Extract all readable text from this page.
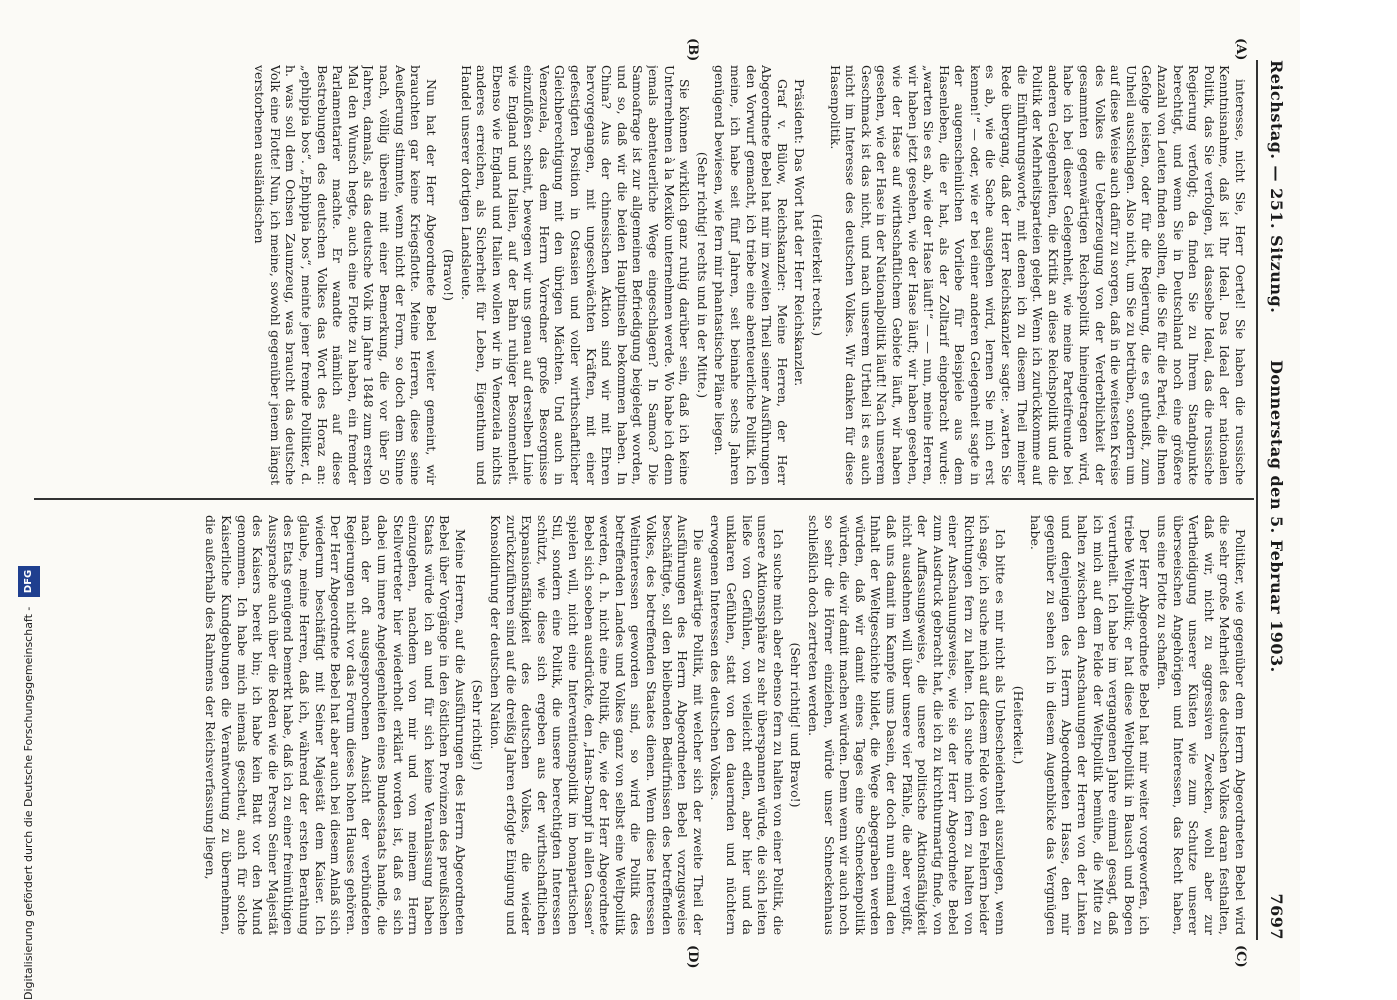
Reichstag. — 251. Sitzung.
Donnerstag den 5. Februar 1903.
7697
(A)
(B)
(C)
(D)

interesse, nicht Sie, Herr Oertel! Sie haben die russische Kenntnisnahme, daß ist Ihr Ideal. Das Ideal der nationalen Politik, das Sie verfolgen, ist dasselbe Ideal, das die russische Regierung verfolgt; da finden Sie zu Ihrem Standpunkte berechtigt, und wenn Sie in Deutschland noch eine größere Anzahl von Leuten finden sollten, die Sie für die Partei, die Ihnen Gefolge leisten, oder für die Regierung, die es gutheißt, zum Unheil ausschlagen. Also nicht, um Sie zu betrüben, sondern um auf diese Weise auch dafür zu sorgen, daß in die weitesten Kreise des Volkes die Ueberzeugung von der Verderblichkeit der gesammten gegenwärtigen Reichspolitik hineingetragen wird, habe ich bei dieser Gelegenheit, wie meine Parteifreunde bei anderen Gelegenheiten, die Kritik an diese Reichspolitik und die Politik der Mehrheitsparteien gelegt. Wenn ich zurückkomme auf die Einführungsworte, mit denen ich zu diesem Theil meiner Rede übergang, daß der Herr Reichskanzler sagte: „warten Sie es ab, wie die Sache ausgehen wird, lernen Sie mich erst kennen!“ — oder, wie er bei einer anderen Gelegenheit sagte in der augenscheinlichen Vorliebe für Beispiele aus dem Hasenleben, die er hat, als der Zolltarif eingebracht wurde: „warten Sie es ab, wie der Hase läuft!“ — — nun, meine Herren, wir haben jetzt gesehen, wie der Hase läuft; wir haben gesehen, wie der Hase auf wirthschaftlichem Gebiete läuft, wir haben gesehen, wie der Hase in der Nationalpolitik läuft! Nach unserem Geschmack ist das nicht, und nach unserem Urtheil ist es auch nicht im Interesse des deutschen Volkes. Wir danken für diese Hasenpolitik.

(Heiterkeit rechts.)

Präsident: Das Wort hat der Herr Reichskanzler.

Graf v. Bülow, Reichskanzler: Meine Herren, der Herr Abgeordnete Bebel hat mir im zweiten Theil seiner Ausführungen den Vorwurf gemacht, ich triebe eine abenteuerliche Politik. Ich meine, ich habe seit fünf Jahren, seit beinahe sechs Jahren genügend bewiesen, wie fern mir phantastische Pläne liegen.

(Sehr richtig! rechts und in der Mitte.)

Sie können wirklich ganz ruhig darüber sein, daß ich keine Unternehmen à la Mexiko unternehmen werde. Wo habe ich denn jemals abenteuerliche Wege eingeschlagen? In Samoa? Die Samoafrage ist zur allgemeinen Befriedigung beigelegt worden, und so, daß wir die beiden Hauptinseln bekommen haben. In China? Aus der chinesischen Aktion sind wir mit Ehren hervorgegangen, mit ungeschwächten Kräften, mit einer gefestigten Position in Ostasien und voller wirthschaftlicher Gleichberechtigung mit den übrigen Mächten. Und auch in Venezuela, das dem Herrn Vorredner große Besorgnisse einzuflößen scheint, bewegen wir uns genau auf derselben Linie wie England und Italien, auf der Bahn ruhiger Besonnenheit. Ebenso wie England und Italien wollen wir in Venezuela nichts anderes erreichen, als Sicherheit für Leben, Eigenthum und Handel unserer dortigen Landsleute.

(Bravo!)

Nun hat der Herr Abgeordnete Bebel weiter gemeint, wir brauchten gar keine Kriegsflotte. Meine Herren, diese seine Aeußerung stimmte, wenn nicht der Form, so doch dem Sinne nach, völlig überein mit einer Bemerkung, die vor über 50 Jahren, damals, als das deutsche Volk im Jahre 1848 zum ersten Mal den Wunsch hegte, auch eine Flotte zu haben, ein fremder Parlamentarier machte. Er wandte nämlich auf diese Bestrebungen des deutschen Volkes das Wort des Horaz an: „ephippia bos“. „Ephippia bos“, meinte jener fremde Politiker, d. h. was soll dem Ochsen Zaumzeug, was braucht das deutsche Volk eine Flotte! Nun, ich meine, sowohl gegenüber jenem längst verstorbenen ausländischen

Politiker, wie gegenüber dem Herrn Abgeordneten Bebel wird die sehr große Mehrheit des deutschen Volkes daran festhalten, daß wir, nicht zu aggressiven Zwecken, wohl aber zur Vertheidigung unserer Küsten wie zum Schutze unserer überseeischen Angehörigen und Interessen, das Recht haben, uns eine Flotte zu schaffen.

Der Herr Abgeordnete Bebel hat mir weiter vorgeworfen, ich triebe Weltpolitik; er hat diese Weltpolitik in Bausch und Bogen verurtheilt. Ich habe im vergangenen Jahre einmal gesagt, daß ich mich auf dem Felde der Weltpolitik bemühe, die Mitte zu halten zwischen den Anschauungen der Herren von der Linken und denjenigen des Herrn Abgeordneten Hasse, den mir gegenüber zu sehen ich in diesem Augenblicke das Vergnügen habe.

(Heiterkeit.)

Ich bitte es mir nicht als Unbescheidenheit auszulegen, wenn ich sage, ich suche mich auf diesem Felde von den Fehlern beider Richtungen fern zu halten. Ich suche mich fern zu halten von einer Anschauungsweise, wie sie der Herr Abgeordnete Bebel zum Ausdruck gebracht hat, die ich zu kirchthurmartig finde, von der Auffassungsweise, die unsere politische Aktionsfähigkeit nicht ausdehnen will über unsere vier Pfähle, die aber vergißt, daß uns damit im Kampfe ums Dasein, der doch nun einmal den Inhalt der Weltgeschichte bildet, die Wege abgegraben werden würden, daß wir damit eines Tages eine Schneckenpolitik würden, die wir damit machen würden. Denn wenn wir auch noch so sehr die Hörner einziehen, würde unser Schneckenhaus schließlich doch zertreten werden.

(Sehr richtig! und Bravo!)

Ich suche mich aber ebenso fern zu halten von einer Politik, die unsere Aktionssphäre zu sehr überspannen würde, die sich leiten ließe von Gefühlen, von vielleicht edlen, aber hier und da unklaren Gefühlen, statt von den dauernden und nüchtern erwogenen Interessen des deutschen Volkes.

Die auswärtige Politik, mit welcher sich der zweite Theil der Ausführungen des Herrn Abgeordneten Bebel vorzugsweise beschäftigte, soll den bleibenden Bedürfnissen des betreffenden Volkes, des betreffenden Staates dienen. Wenn diese Interessen Weltinteressen geworden sind, so wird die Politik des betreffenden Landes und Volkes ganz von selbst eine Weltpolitik werden, d. h. nicht eine Politik, die, wie der Herr Abgeordnete Bebel sich soeben ausdrückte, den „Hans-Dampf in allen Gassen“ spielen will, nicht eine Interventionspolitik im bonapartischen Stil, sondern eine Politik, die unsere berechtigten Interessen schützt, wie diese sich ergeben aus der wirthschaftlichen Expansionsfähigkeit des deutschen Volkes, die wieder zurückzuführen sind auf die dreißig Jahren erfolgte Einigung und Konsolidirung der deutschen Nation.

(Sehr richtig!)

Meine Herren, auf die Ausführungen des Herrn Abgeordneten Bebel über Vorgänge in den östlichen Provinzen des preußischen Staats würde ich an und für sich keine Veranlassung haben einzugehen, nachdem von mir und von meinem Herrn Stellvertreter hier wiederholt erklärt worden ist, daß es sich dabei um innere Angelegenheiten eines Bundesstaats handle, die nach der oft ausgesprochenen Ansicht der verbündeten Regierungen nicht vor das Forum dieses hohen Hauses gehören. Der Herr Abgeordnete Bebel hat aber auch bei diesem Anlaß sich wiederum beschäftigt mit Seiner Majestät dem Kaiser. Ich glaube, meine Herren, daß ich, während der ersten Berathung des Etats genügend bemerkt habe, daß ich zu einer freimüthigen Aussprache auch über die Reden wie die Person Seiner Majestät des Kaisers bereit bin; ich habe kein Blatt vor den Mund genommen. Ich habe mich niemals gescheut, auch für solche Kaiserliche Kundgebungen die Verantwortung zu übernehmen, die außerhalb des Rahmens der Reichsverfassung liegen,

Digitalisierung gefördert durch die Deutsche Forschungsgemeinschaft - DFG
